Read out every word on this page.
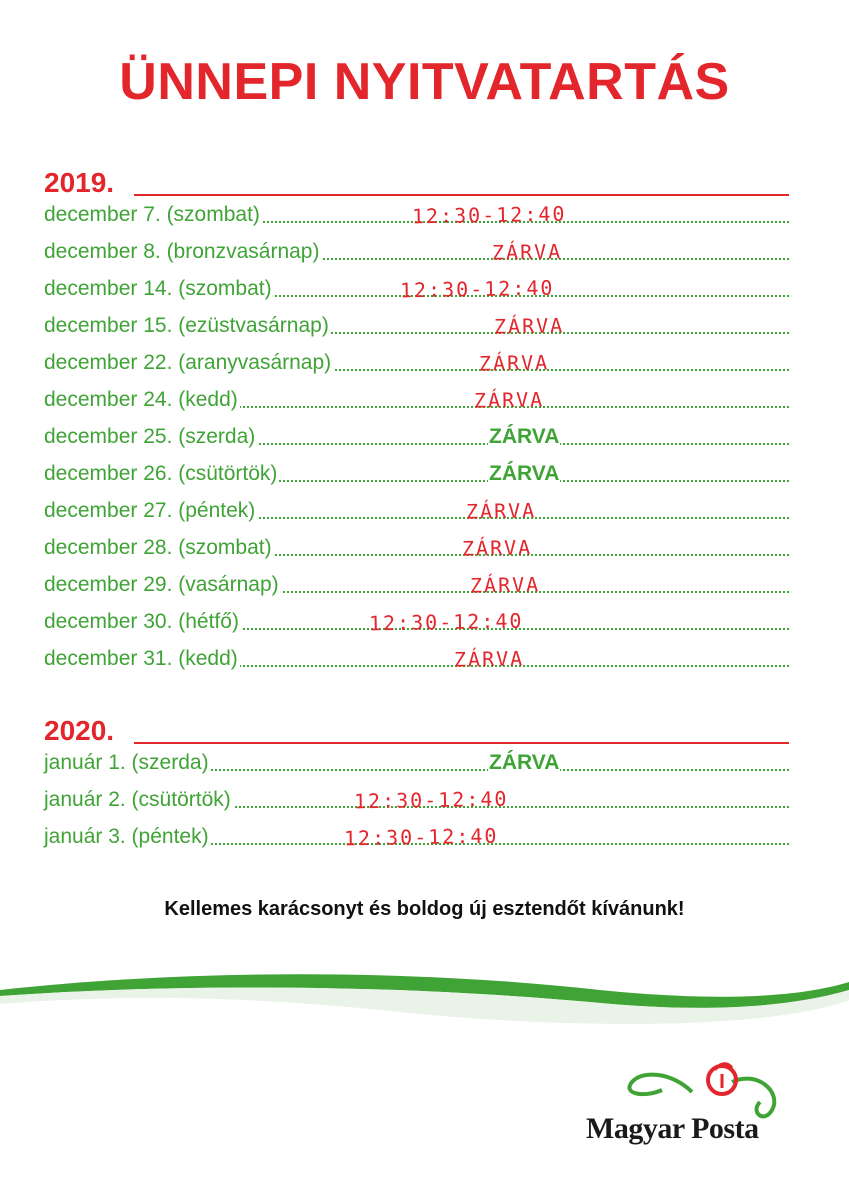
ÜNNEPI NYITVATARTÁS
2019.
december 7. (szombat)	12:30-12:40
december 8. (bronzvasárnap)	ZÁRVA
december 14. (szombat)	12:30-12:40
december 15. (ezüstvasárnap)	ZÁRVA
december 22. (aranyvasárnap)	ZÁRVA
december 24. (kedd)	ZÁRVA
december 25. (szerda)	ZÁRVA
december 26. (csütörtök)	ZÁRVA
december 27. (péntek)	ZÁRVA
december 28. (szombat)	ZÁRVA
december 29. (vasárnap)	ZÁRVA
december 30. (hétfő)	12:30-12:40
december 31. (kedd)	ZÁRVA
2020.
január 1. (szerda)	ZÁRVA
január 2. (csütörtök)	12:30-12:40
január 3. (péntek)	12:30-12:40
Kellemes karácsonyt és boldog új esztendőt kívánunk!
Magyar Posta
